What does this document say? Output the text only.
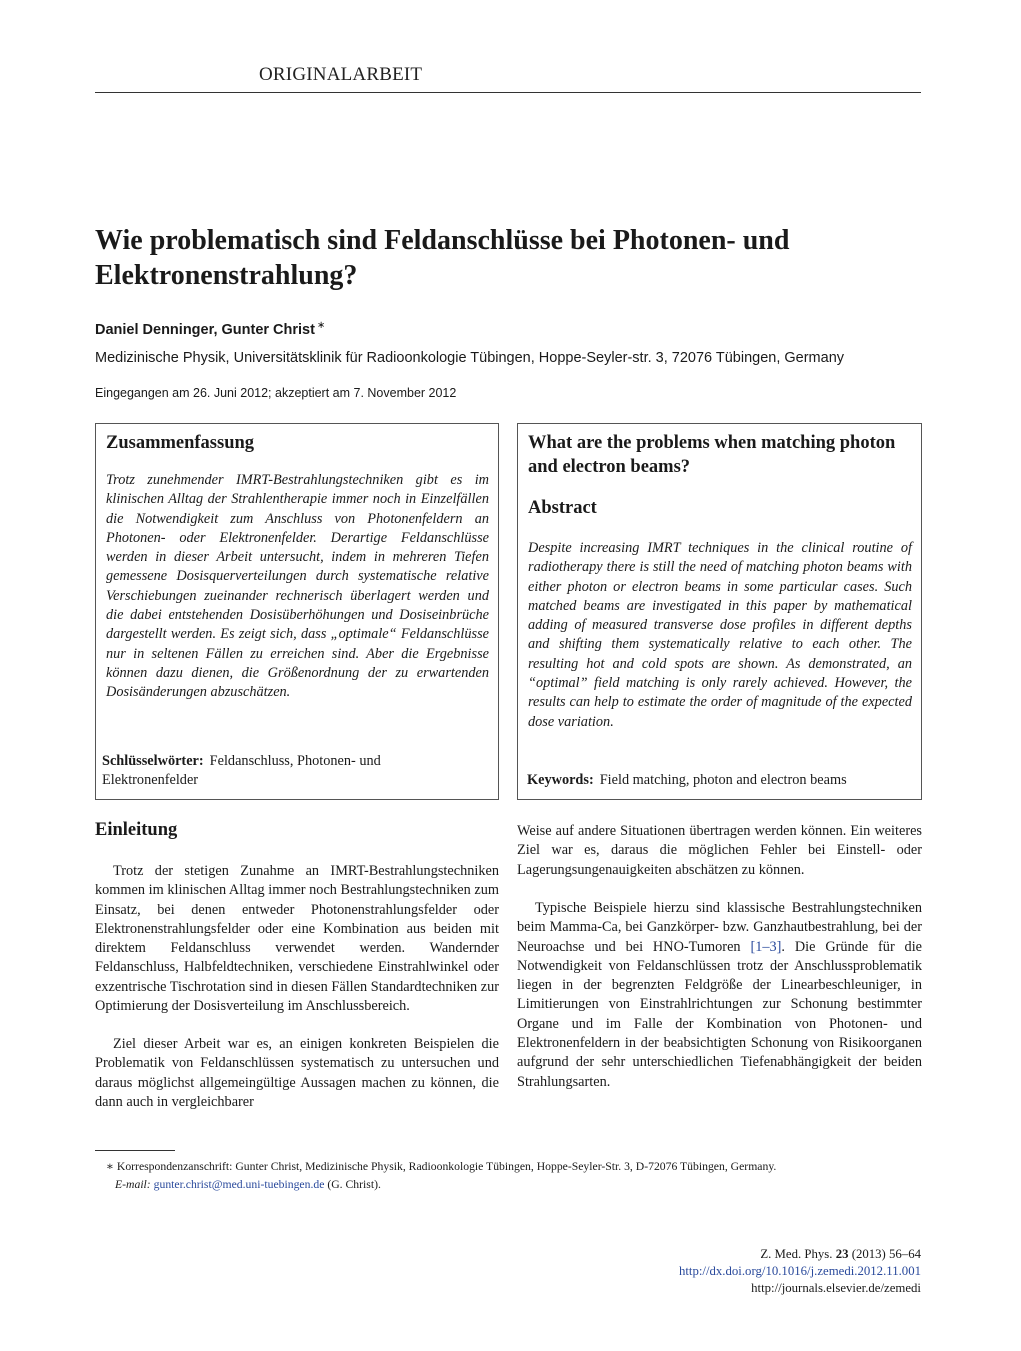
ORIGINALARBEIT
Wie problematisch sind Feldanschlüsse bei Photonen- und Elektronenstrahlung?
Daniel Denninger, Gunter Christ ∗
Medizinische Physik, Universitätsklinik für Radioonkologie Tübingen, Hoppe-Seyler-str. 3, 72076 Tübingen, Germany
Eingegangen am 26. Juni 2012; akzeptiert am 7. November 2012
Zusammenfassung

Trotz zunehmender IMRT-Bestrahlungstechniken gibt es im klinischen Alltag der Strahlentherapie immer noch in Einzelfällen die Notwendigkeit zum Anschluss von Photonenfeldern an Photonen- oder Elektronenfelder. Derartige Feldanschlüsse werden in dieser Arbeit untersucht, indem in mehreren Tiefen gemessene Dosisquerverteilungen durch systematische relative Verschiebungen zueinander rechnerisch überlagert werden und die dabei entstehenden Dosisüberhöhungen und Dosiseinbrüche dargestellt werden. Es zeigt sich, dass „optimale“ Feldanschlüsse nur in seltenen Fällen zu erreichen sind. Aber die Ergebnisse können dazu dienen, die Größenordnung der zu erwartenden Dosisänderungen abzuschätzen.

Schlüsselwörter: Feldanschluss, Photonen- und Elektronenfelder
What are the problems when matching photon and electron beams?
Abstract

Despite increasing IMRT techniques in the clinical routine of radiotherapy there is still the need of matching photon beams with either photon or electron beams in some particular cases. Such matched beams are investigated in this paper by mathematical adding of measured transverse dose profiles in different depths and shifting them systematically relative to each other. The resulting hot and cold spots are shown. As demonstrated, an “optimal” field matching is only rarely achieved. However, the results can help to estimate the order of magnitude of the expected dose variation.

Keywords: Field matching, photon and electron beams
Einleitung

Trotz der stetigen Zunahme an IMRT-Bestrahlungstechniken kommen im klinischen Alltag immer noch Bestrahlungstechniken zum Einsatz, bei denen entweder Photonenstrahlungsfelder oder Elektronenstrahlungsfelder oder eine Kombination aus beiden mit direktem Feldanschluss verwendet werden. Wandernder Feldanschluss, Halbfeldtechniken, verschiedene Einstrahlwinkel oder exzentrische Tischrotation sind in diesen Fällen Standardtechniken zur Optimierung der Dosisverteilung im Anschlussbereich.

Ziel dieser Arbeit war es, an einigen konkreten Beispielen die Problematik von Feldanschlüssen systematisch zu untersuchen und daraus möglichst allgemeingültige Aussagen machen zu können, die dann auch in vergleichbarer

Weise auf andere Situationen übertragen werden können. Ein weiteres Ziel war es, daraus die möglichen Fehler bei Einstell- oder Lagerungsungenauigkeiten abschätzen zu können.

Typische Beispiele hierzu sind klassische Bestrahlungstechniken beim Mamma-Ca, bei Ganzkörper- bzw. Ganzhautbestrahlung, bei der Neuroachse und bei HNO-Tumoren [1–3]. Die Gründe für die Notwendigkeit von Feldanschlüssen trotz der Anschlussproblematik liegen in der begrenzten Feldgröße der Linearbeschleuniger, in Limitierungen von Einstrahlrichtungen zur Schonung bestimmter Organe und im Falle der Kombination von Photonen- und Elektronenfeldern in der beabsichtigten Schonung von Risikoorganen aufgrund der sehr unterschiedlichen Tiefenabhängigkeit der beiden Strahlungsarten.

∗ Korrespondenzanschrift: Gunter Christ, Medizinische Physik, Radioonkologie Tübingen, Hoppe-Seyler-Str. 3, D-72076 Tübingen, Germany.
E-mail: gunter.christ@med.uni-tuebingen.de (G. Christ).
Z. Med. Phys. 23 (2013) 56–64
http://dx.doi.org/10.1016/j.zemedi.2012.11.001
http://journals.elsevier.de/zemedi
